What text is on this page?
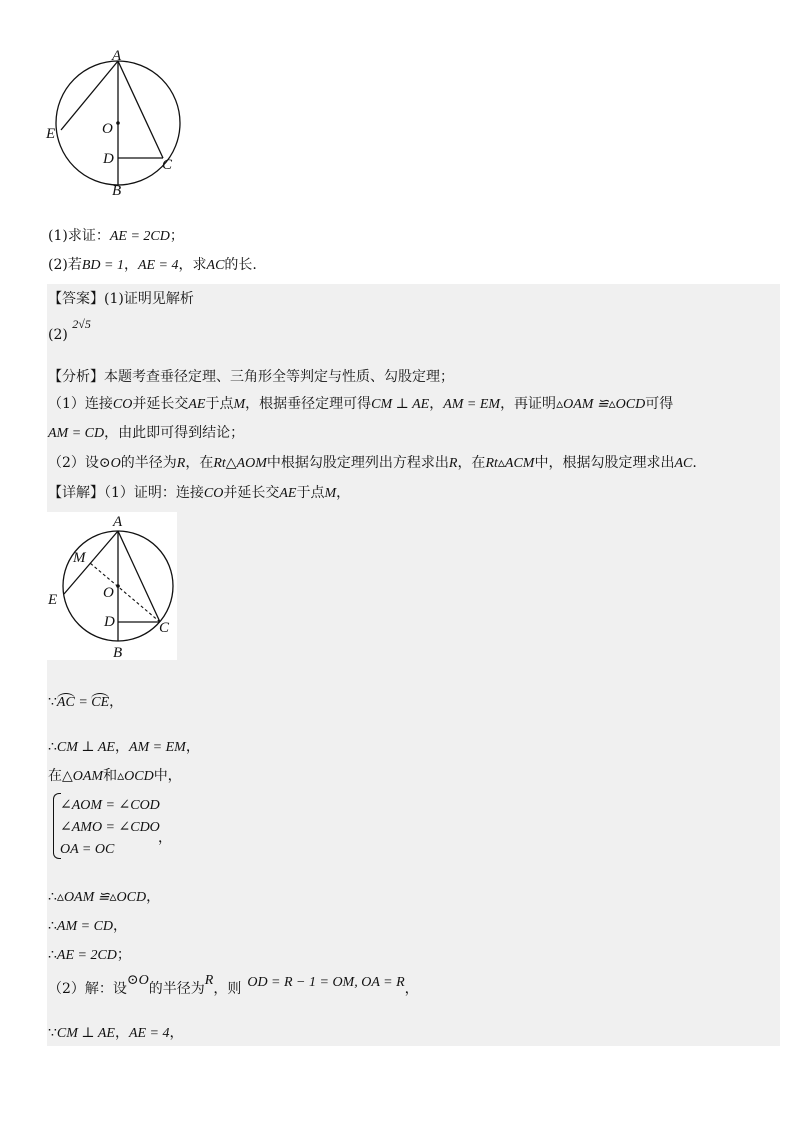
A
E	O
D	C
B
(1)求证：AE = 2CD；
(2)若BD = 1，AE = 4，求AC的长.
【答案】(1)证明见解析
(2) 2√5
【分析】本题考查垂径定理、三角形全等判定与性质、勾股定理；
（1）连接CO并延长交AE于点M，根据垂径定理可得CM ⊥ AE，AM = EM，再证明▵OAM ≌▵OCD可得
AM = CD，由此即可得到结论；
（2）设⊙O的半径为R，在Rt△AOM中根据勾股定理列出方程求出R，在Rt▵ACM中，根据勾股定理求出AC.
【详解】（1）证明：连接CO并延长交AE于点M，
A
M
E	O
D	C
B
∵AC = CE，
∴CM ⊥ AE，AM = EM，
在△OAM和▵OCD中，
∠AOM = ∠COD
∠AMO = ∠CDO
OA = OC
，
∴▵OAM ≌▵OCD，
∴AM = CD，
∴AE = 2CD；
（2）解：设⊙O的半径为R，则 OD = R − 1 = OM, OA = R，
∵CM ⊥ AE，AE = 4，
